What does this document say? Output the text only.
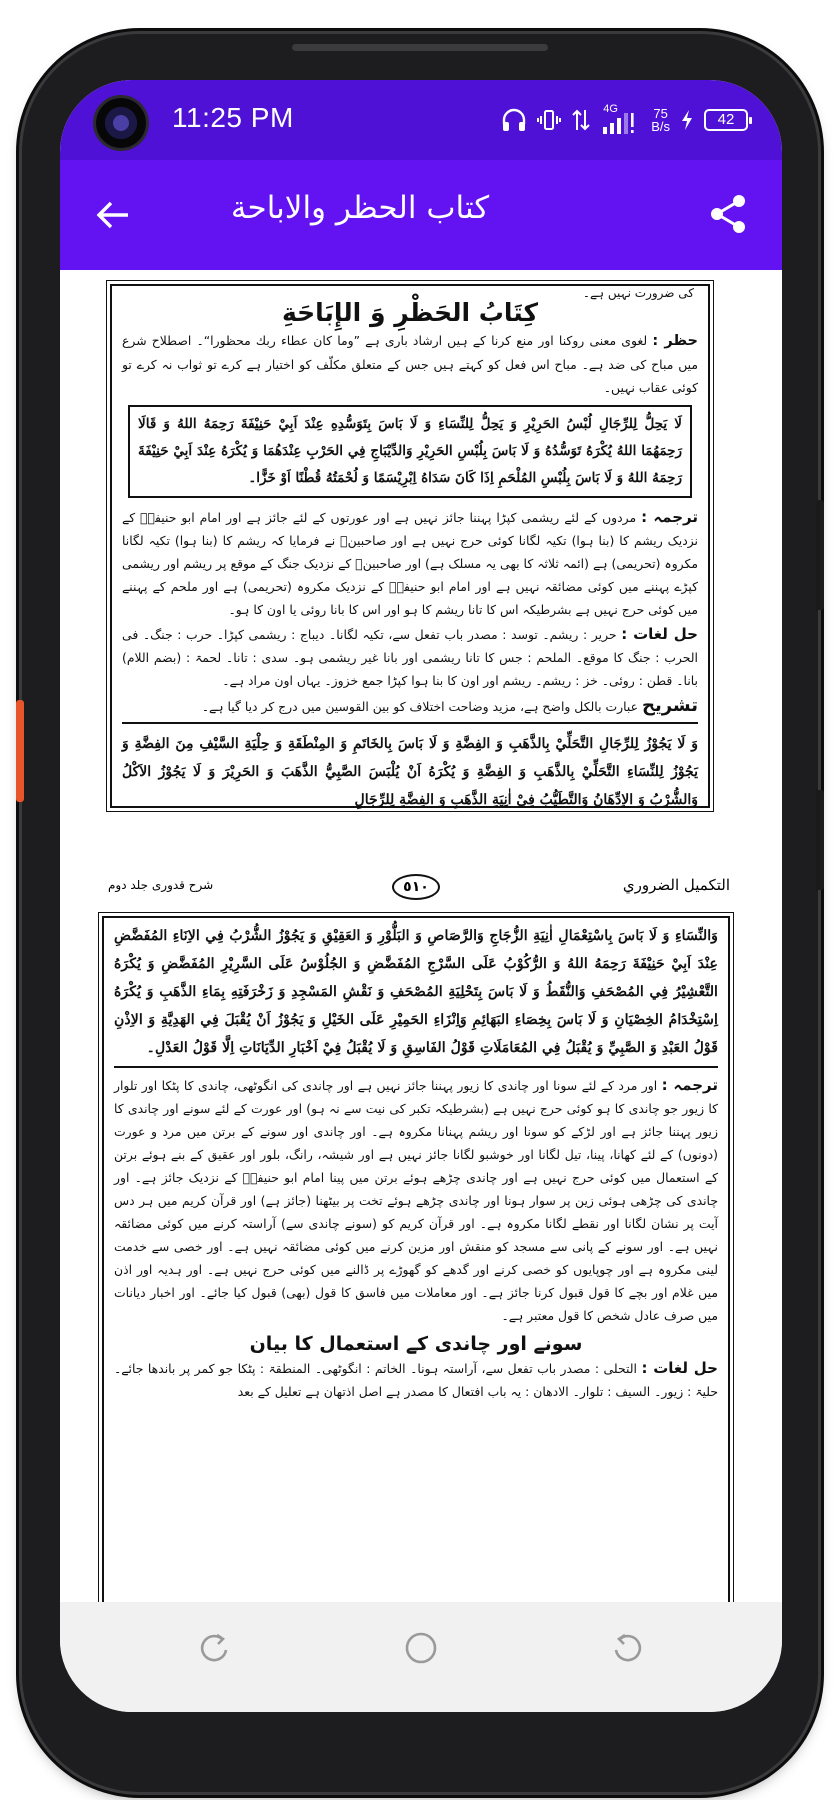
11:25 PM	4G	75
B/s	42
كتاب الحظر والاباحة
کی ضرورت نہیں ہے۔
كِتَابُ الحَظْرِ وَ الإِبَاحَةِ
حظر : لغوی معنی روکنا اور منع کرنا کے ہیں ارشاد باری ہے ”وما کان عطاء ربك محظورا“۔ اصطلاح شرع میں مباح کی ضد ہے۔ مباح اس فعل کو کہتے ہیں جس کے متعلق مکلّف کو اختیار ہے کرے تو ثواب نہ کرے تو کوئی عقاب نہیں۔
لَا يَحِلُّ لِلرِّجَالِ لُبْسُ الحَرِيْرِ وَ يَحِلُّ لِلنِّسَاءِ وَ لَا بَاسَ بِتَوَسُّدِهِ عِنْدَ اَبِيْ حَنِيْفَةَ رَحِمَهُ اللهُ وَ قَالَا رَحِمَهُمَا اللهُ يُكْرَهُ تَوَسُّدُهُ وَ لَا بَاسَ بِلُبْسِ الحَرِيْرِ وَالدِّيْبَاجِ فِي الحَرْبِ عِنْدَهُمَا وَ يُكْرَهُ عِنْدَ اَبِيْ حَنِيْفَةَ رَحِمَهُ اللهُ وَ لَا بَاسَ بِلُبْسِ المُلْحَمِ اِذَا كَانَ سَدَاهُ اِبْرِيْسَمًا وَ لُحْمَتُهُ قُطْنًا اَوْ خَزًّا۔
ترجمہ : مردوں کے لئے ریشمی کپڑا پہننا جائز نہیں ہے اور عورتوں کے لئے جائز ہے اور امام ابو حنیفہؒ کے نزدیک ریشم کا (بنا ہوا) تکیہ لگانا کوئی حرج نہیں ہے اور صاحبینؒ نے فرمایا کہ ریشم کا (بنا ہوا) تکیہ لگانا مکروہ (تحریمی) ہے (ائمہ ثلاثہ کا بھی یہ مسلک ہے) اور صاحبینؒ کے نزدیک جنگ کے موقع پر ریشم اور ریشمی کپڑے پہننے میں کوئی مضائقہ نہیں ہے اور امام ابو حنیفہؒ کے نزدیک مکروہ (تحریمی) ہے اور ملحم کے پہننے میں کوئی حرج نہیں ہے بشرطیکہ اس کا تانا ریشم کا ہو اور اس کا بانا روئی یا اون کا ہو۔
حل لغات : حریر : ریشم۔ توسد : مصدر باب تفعل سے، تکیہ لگانا۔ دیباج : ریشمی کپڑا۔ حرب : جنگ۔ فی الحرب : جنگ کا موقع۔ الملحم : جس کا تانا ریشمی اور بانا غیر ریشمی ہو۔ سدی : تانا۔ لحمۃ : (بضم اللام) بانا۔ قطن : روئی۔ خز : ریشم۔ ریشم اور اون کا بنا ہوا کپڑا جمع خزوز۔ یہاں اون مراد ہے۔
تشریح عبارت بالکل واضح ہے، مزید وضاحت اختلاف کو بین القوسین میں درج کر دیا گیا ہے۔
وَ لَا يَجُوْزُ لِلرِّجَالِ التَّحَلِّيْ بِالذَّهَبِ وَ الفِضَّةِ وَ لَا بَاسَ بِالخَاتَمِ وَ المِنْطَقَةِ وَ حِلْيَةِ السَّيْفِ مِنَ الفِضَّةِ وَ يَجُوْزُ لِلنِّسَاءِ التَّحَلِّيْ بِالذَّهَبِ وَ الفِضَّةِ وَ يُكْرَهُ اَنْ يُلْبَسَ الصَّبِيُّ الذَّهَبَ وَ الحَرِيْرَ وَ لَا يَجُوْزُ الاَكْلُ وَالشُّرْبُ وَ الاِدِّهَانُ وَالتَّطَيُّبُ فِيْ اٰنِيَةِ الذَّهَبِ وَ الفِضَّةِ لِلرِّجَالِ
التكميل الضروري
٥١٠
شرح قدوری جلد دوم
وَالنِّسَاءِ وَ لَا بَاسَ بِاسْتِعْمَالِ اٰنِيَةِ الزُّجَاجِ وَالرَّصَاصِ وَ البَلُّوْرِ وَ العَقِيْقِ وَ يَجُوْزُ الشُّرْبُ فِي الاِنَاءِ المُفَضَّضِ عِنْدَ اَبِيْ حَنِيْفَةَ رَحِمَهُ اللهُ وَ الرُّكُوْبُ عَلَى السَّرْجِ المُفَضَّضِ وَ الجُلُوْسُ عَلَى السَّرِيْرِ المُفَضَّضِ وَ يُكْرَهُ التَّعْشِيْرُ فِي المُصْحَفِ وَالنُّقَطُ وَ لَا بَاسَ بِتَحْلِيَةِ المُصْحَفِ وَ نَقْشِ المَسْجِدِ وَ زَخْرَفَتِهِ بِمَاءِ الذَّهَبِ وَ يُكْرَهُ اِسْتِخْدَامُ الخِصْيَانِ وَ لَا بَاسَ بِخِصَاءِ البَهَائِمِ وَاِنْزَاءِ الحَمِيْرِ عَلَى الخَيْلِ وَ يَجُوْزُ اَنْ يُقْبَلَ فِي الهَدِيَّةِ وَ الاِذْنِ قَوْلُ العَبْدِ وَ الصَّبِيِّ وَ يُقْبَلُ فِي المُعَامَلَاتِ قَوْلُ الفَاسِقِ وَ لَا يُقْبَلُ فِيْ اَخْبَارِ الدِّيَانَاتِ اِلَّا قَوْلُ العَدْلِ۔
ترجمہ : اور مرد کے لئے سونا اور چاندی کا زیور پہننا جائز نہیں ہے اور چاندی کی انگوٹھی، چاندی کا پٹکا اور تلوار کا زیور جو چاندی کا ہو کوئی حرج نہیں ہے (بشرطیکہ تکبر کی نیت سے نہ ہو) اور عورت کے لئے سونے اور چاندی کا زیور پہننا جائز ہے اور لڑکے کو سونا اور ریشم پہنانا مکروہ ہے۔ اور چاندی اور سونے کے برتن میں مرد و عورت (دونوں) کے لئے کھانا، پینا، تیل لگانا اور خوشبو لگانا جائز نہیں ہے اور شیشہ، رانگ، بلور اور عقیق کے بنے ہوئے برتن کے استعمال میں کوئی حرج نہیں ہے اور چاندی چڑھے ہوئے برتن میں پینا امام ابو حنیفہؒ کے نزدیک جائز ہے۔ اور چاندی کی چڑھی ہوئی زین پر سوار ہونا اور چاندی چڑھے ہوئے تخت پر بیٹھنا (جائز ہے) اور قرآن کریم میں ہر دس آیت پر نشان لگانا اور نقطے لگانا مکروہ ہے۔ اور قرآن کریم کو (سونے چاندی سے) آراستہ کرنے میں کوئی مضائقہ نہیں ہے۔ اور سونے کے پانی سے مسجد کو منقش اور مزین کرنے میں کوئی مضائقہ نہیں ہے۔ اور خصی سے خدمت لینی مکروہ ہے اور چوپایوں کو خصی کرنے اور گدھے کو گھوڑے پر ڈالنے میں کوئی حرج نہیں ہے۔ اور ہدیہ اور اذن میں غلام اور بچے کا قول قبول کرنا جائز ہے۔ اور معاملات میں فاسق کا قول (بھی) قبول کیا جائے۔ اور اخبار دیانات میں صرف عادل شخص کا قول معتبر ہے۔
سونے اور چاندی کے استعمال کا بیان
حل لغات : التحلی : مصدر باب تفعل سے، آراستہ ہونا۔ الخاتم : انگوٹھی۔ المنطقۃ : پٹکا جو کمر پر باندھا جائے۔ حلیۃ : زیور۔ السیف : تلوار۔ الادھان : یہ باب افتعال کا مصدر ہے اصل اذتھان ہے تعلیل کے بعد
